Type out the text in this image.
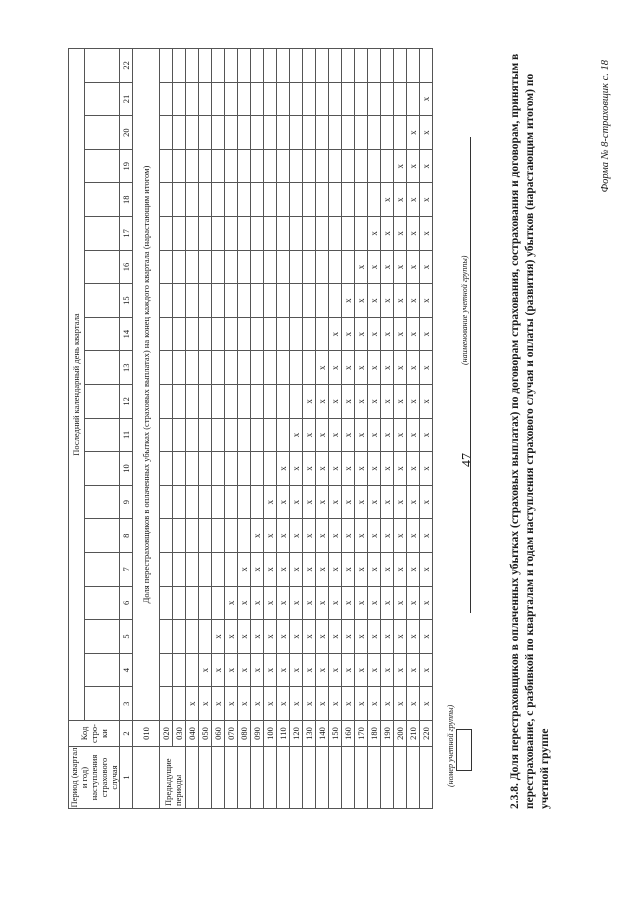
47
Форма № 8-страховщик с. 18
2.3.8. Доля перестраховщиков в оплаченных убытках (страховых выплатах) по договорам страхования, сострахования и договорам, принятым в перестрахование, с разбивкой по кварталам и годам наступления страхового случая и оплаты (развития) убытков (нарастающим итогом) по учетной группе
(номер учетной группы)
(наименование учетной группы)
Период (квартал и год) наступления страхового случая	Код стро-ки	Последний календарный день квартала																			

1	2	3	4	5	6	7	8	9	10	11	12	13	14	15	16	17	18	19	20	21	22
	010	Доля перестраховщиков в оплаченных убытках (страховых выплатах) на конец каждого квартала (нарастающим итогом)																			
Предыдущие периоды	020																				
	030																				
	040	x																			
	050	x	x																		
	060	x	x	x																	
	070	x	x	x	x																
	080	x	x	x	x	x															
	090	x	x	x	x	x	x														
	100	x	x	x	x	x	x	x													
	110	x	x	x	x	x	x	x	x												
	120	x	x	x	x	x	x	x	x	x											
	130	x	x	x	x	x	x	x	x	x	x										
	140	x	x	x	x	x	x	x	x	x	x	x									
	150	x	x	x	x	x	x	x	x	x	x	x	x								
	160	x	x	x	x	x	x	x	x	x	x	x	x	x							
	170	x	x	x	x	x	x	x	x	x	x	x	x	x	x						
	180	x	x	x	x	x	x	x	x	x	x	x	x	x	x	x					
	190	x	x	x	x	x	x	x	x	x	x	x	x	x	x	x	x				
	200	x	x	x	x	x	x	x	x	x	x	x	x	x	x	x	x	x			
	210	x	x	x	x	x	x	x	x	x	x	x	x	x	x	x	x	x	x		
	220	x	x	x	x	x	x	x	x	x	x	x	x	x	x	x	x	x	x	x	
